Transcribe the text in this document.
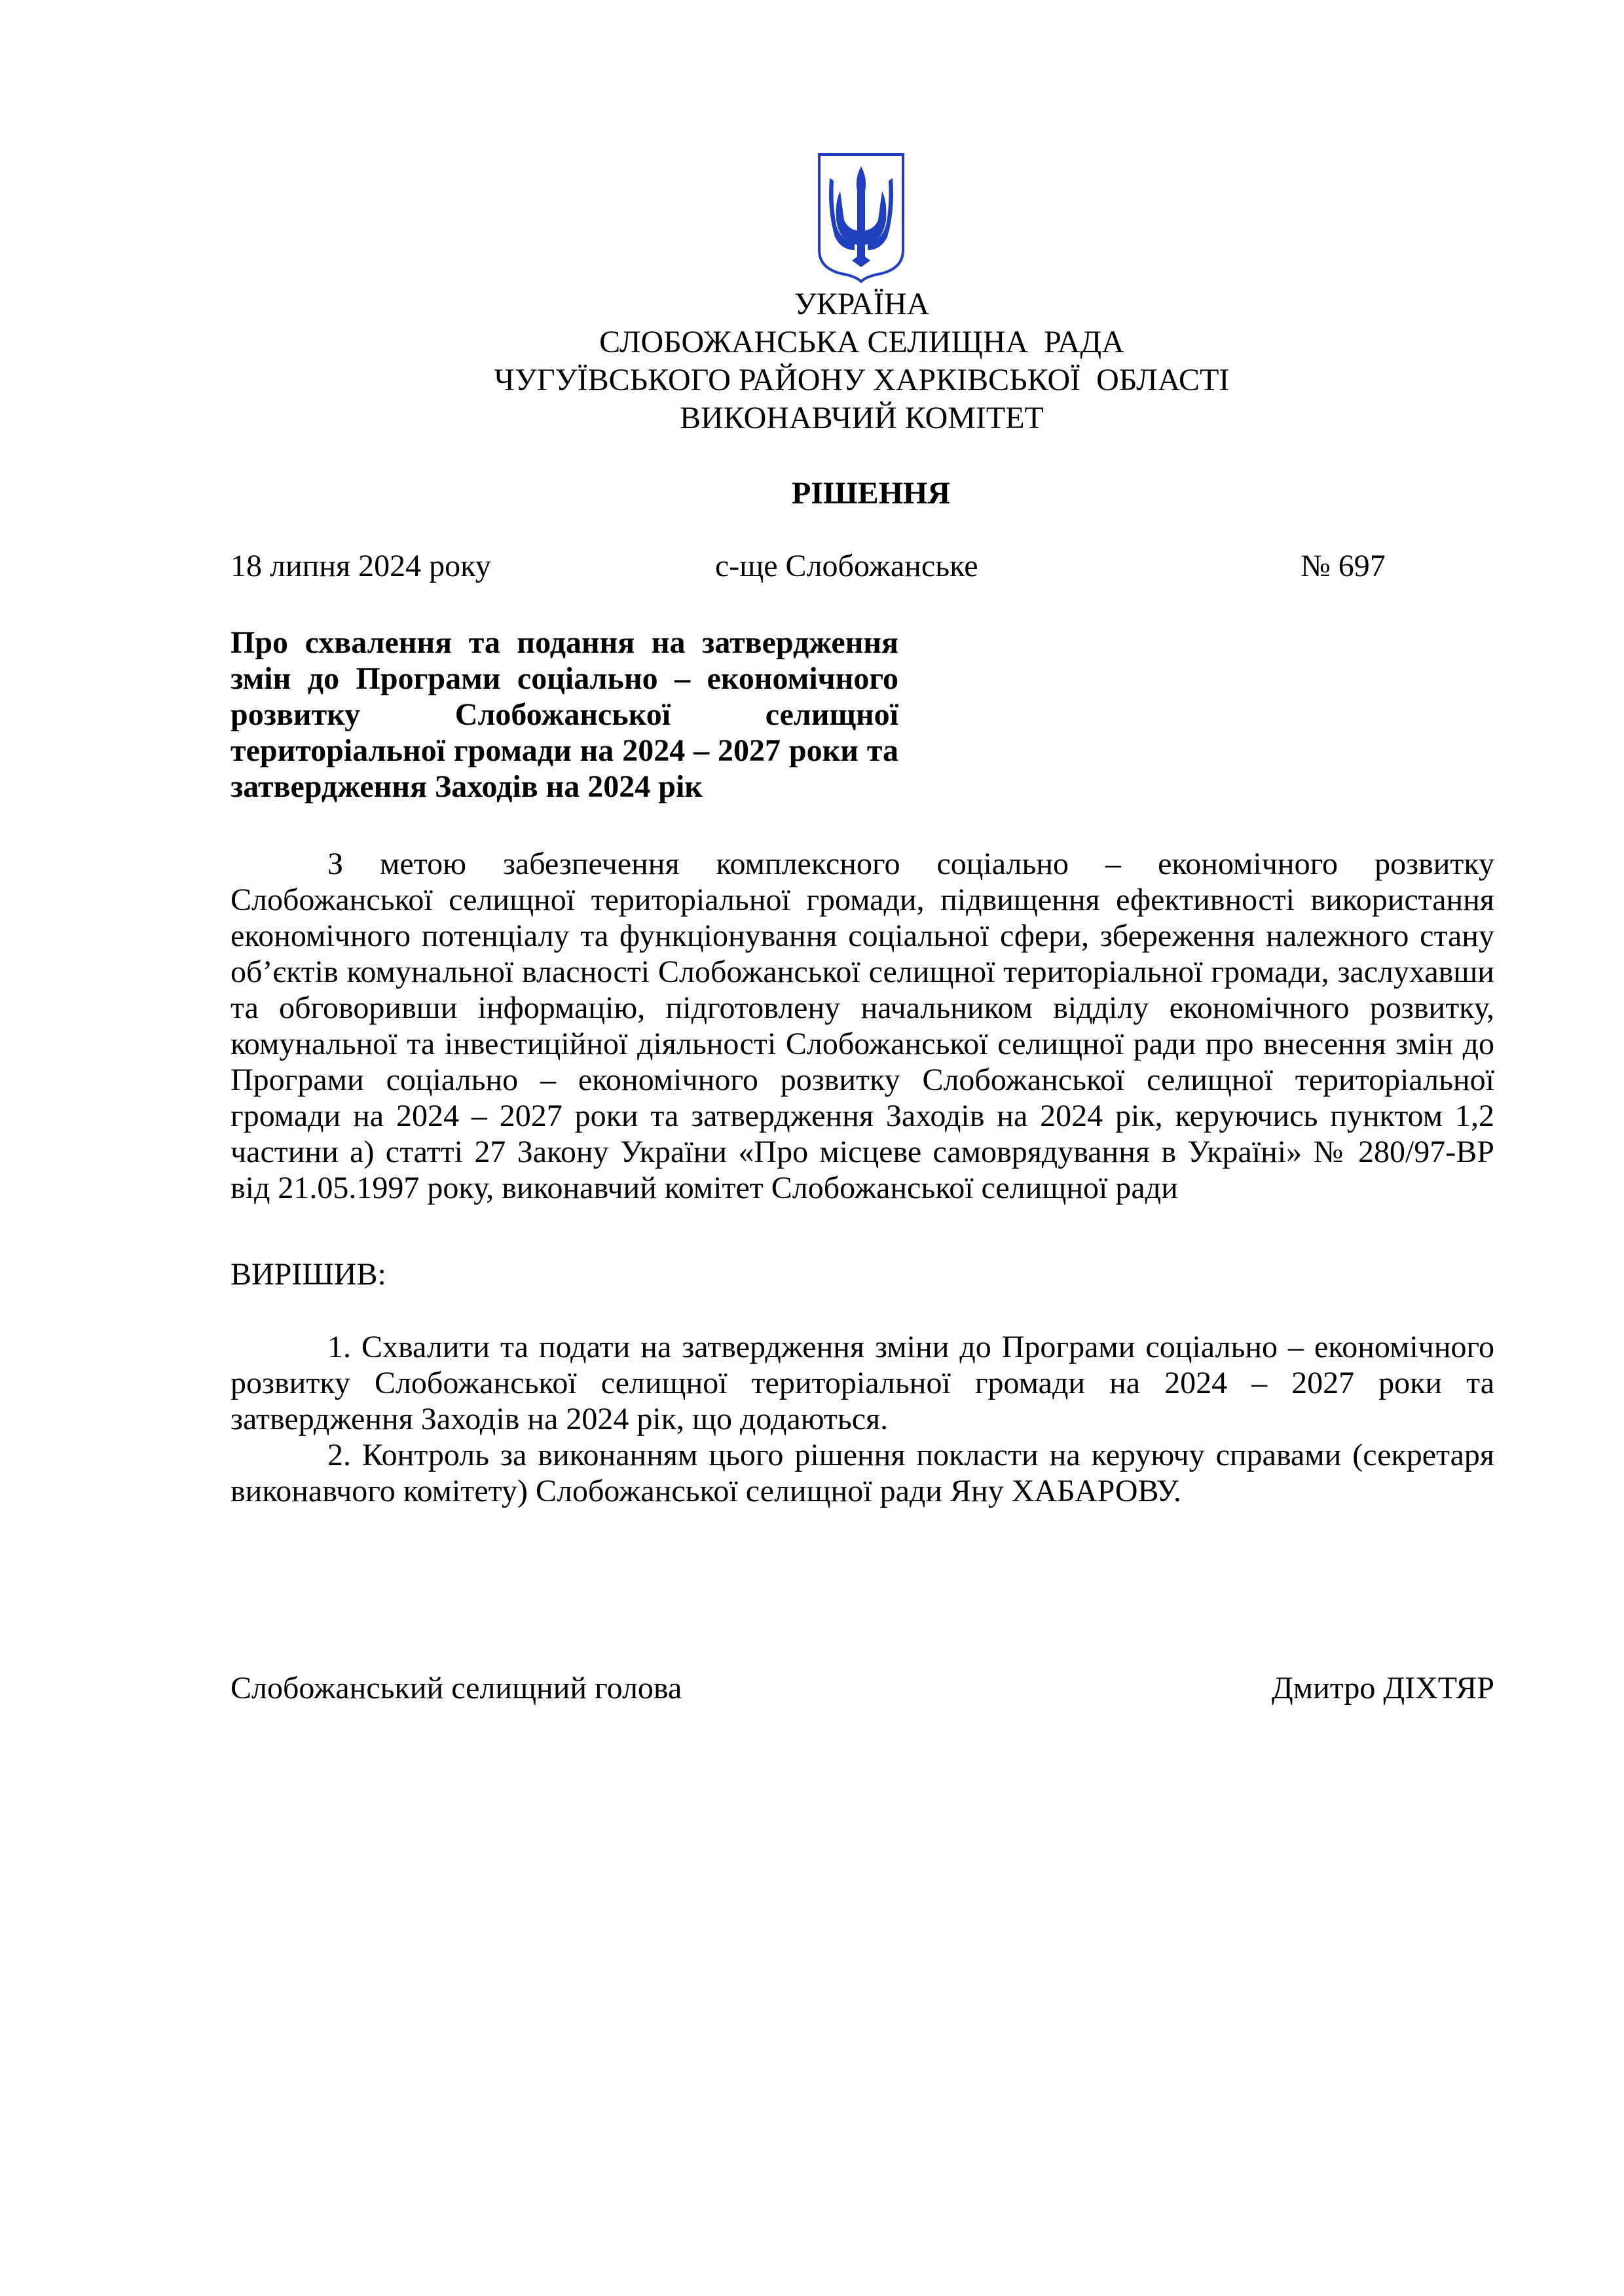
УКРАЇНА
СЛОБОЖАНСЬКА СЕЛИЩНА  РАДА
ЧУГУЇВСЬКОГО РАЙОНУ ХАРКІВСЬКОЇ  ОБЛАСТІ
ВИКОНАВЧИЙ КОМІТЕТ
РІШЕННЯ
18 липня 2024 року	с-ще Слобожанське	№ 697
Про схвалення та подання на затвердження змін до Програми соціально – економічного розвитку Слобожанської селищної територіальної громади на 2024 – 2027 роки та затвердження Заходів на 2024 рік

З метою забезпечення комплексного соціально – економічного розвитку Слобожанської селищної територіальної громади, підвищення ефективності використання економічного потенціалу та функціонування соціальної сфери, збереження належного стану об’єктів комунальної власності Слобожанської селищної територіальної громади, заслухавши та обговоривши інформацію, підготовлену начальником відділу економічного розвитку, комунальної та інвестиційної діяльності Слобожанської селищної ради про внесення змін до Програми соціально – економічного розвитку Слобожанської селищної територіальної громади на 2024 – 2027 роки та затвердження Заходів на 2024 рік, керуючись пунктом 1,2 частини а) статті 27 Закону України «Про місцеве самоврядування в Україні» № 280/97-ВР від 21.05.1997 року, виконавчий комітет Слобожанської селищної ради

ВИРІШИВ:

1. Схвалити та подати на затвердження зміни до Програми соціально – економічного розвитку Слобожанської селищної територіальної громади на 2024 – 2027 роки та затвердження Заходів на 2024 рік, що додаються.

2. Контроль за виконанням цього рішення покласти на керуючу справами (секретаря виконавчого комітету) Слобожанської селищної ради Яну ХАБАРОВУ.

Слобожанський селищний голова	Дмитро ДІХТЯР
